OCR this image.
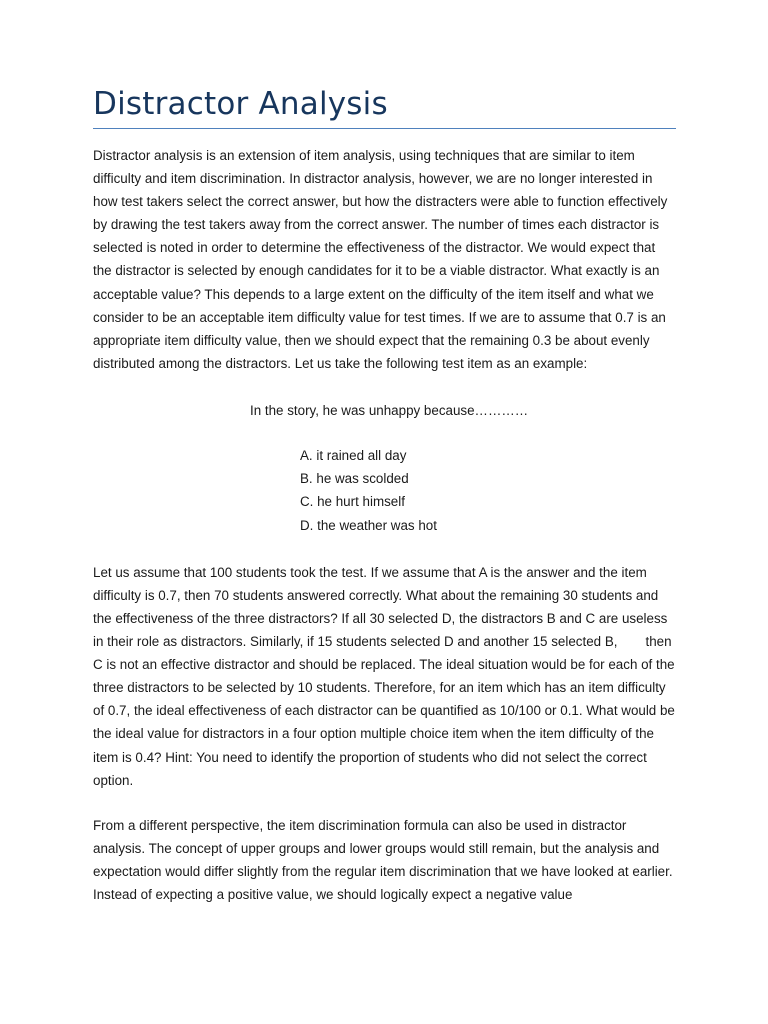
Distractor Analysis

Distractor analysis is an extension of item analysis, using techniques that are similar to item difficulty and item discrimination. In distractor analysis, however, we are no longer interested in how test takers select the correct answer, but how the distracters were able to function effectively by drawing the test takers away from the correct answer. The number of times each distractor is selected is noted in order to determine the effectiveness of the distractor. We would expect that the distractor is selected by enough candidates for it to be a viable distractor. What exactly is an acceptable value? This depends to a large extent on the difficulty of the item itself and what we consider to be an acceptable item difficulty value for test times. If we are to assume that 0.7 is an appropriate item difficulty value, then we should expect that the remaining 0.3 be about evenly distributed among the distractors. Let us take the following test item as an example:

In the story, he was unhappy because…………

A. it rained all day
B. he was scolded
C. he hurt himself
D. the weather was hot

Let us assume that 100 students took the test. If we assume that A is the answer and the item difficulty is 0.7, then 70 students answered correctly. What about the remaining 30 students and the effectiveness of the three distractors? If all 30 selected D, the distractors B and C are useless in their role as distractors. Similarly, if 15 students selected D and another 15 selected B, then C is not an effective distractor and should be replaced. The ideal situation would be for each of the three distractors to be selected by 10 students. Therefore, for an item which has an item difficulty of 0.7, the ideal effectiveness of each distractor can be quantified as 10/100 or 0.1. What would be the ideal value for distractors in a four option multiple choice item when the item difficulty of the item is 0.4? Hint: You need to identify the proportion of students who did not select the correct option.

From a different perspective, the item discrimination formula can also be used in distractor analysis. The concept of upper groups and lower groups would still remain, but the analysis and expectation would differ slightly from the regular item discrimination that we have looked at earlier. Instead of expecting a positive value, we should logically expect a negative value
